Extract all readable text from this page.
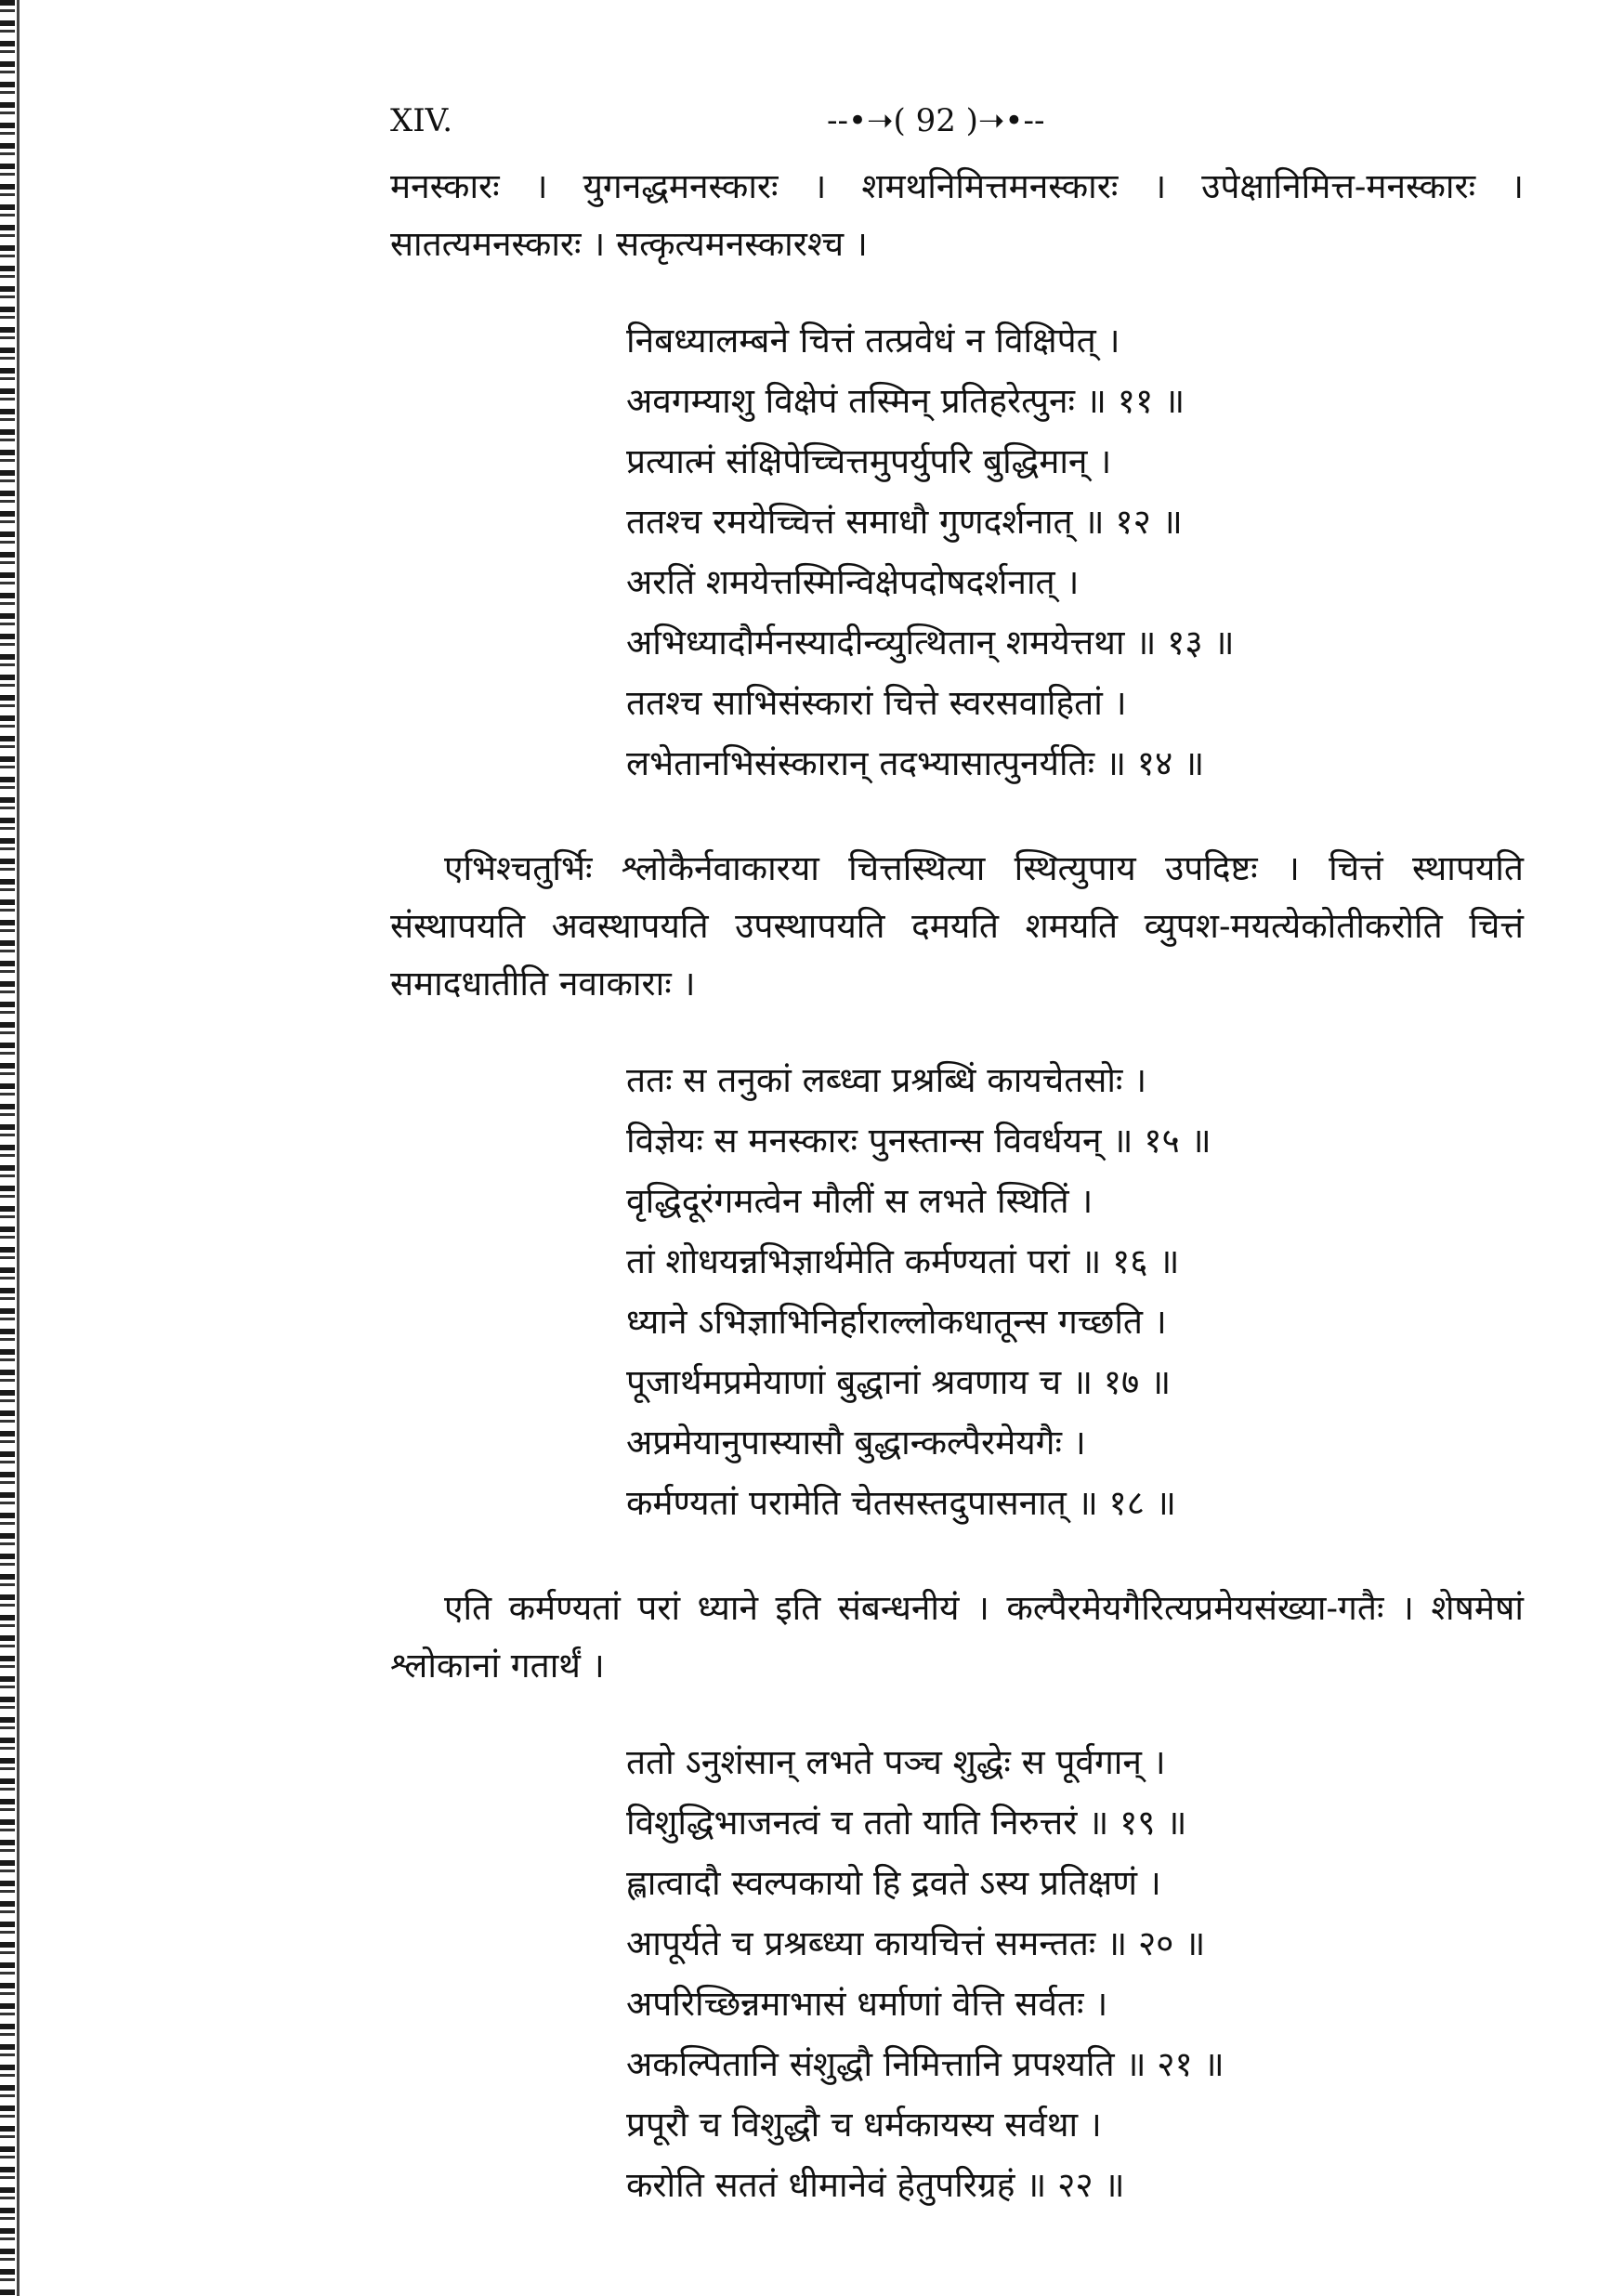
XIV.	--•➝( 92 )➝•--

मनस्कारः । युगनद्धमनस्कारः । शमथनिमित्तमनस्कारः । उपेक्षानिमित्त-मनस्कारः । सातत्यमनस्कारः । सत्कृत्यमनस्कारश्च ।

निबध्यालम्बने चित्तं तत्प्रवेधं न विक्षिपेत् ।
अवगम्याशु विक्षेपं तस्मिन् प्रतिहरेत्पुनः ॥ ११ ॥
प्रत्यात्मं संक्षिपेच्चित्तमुपर्युपरि बुद्धिमान् ।
ततश्च रमयेच्चित्तं समाधौ गुणदर्शनात् ॥ १२ ॥
अरतिं शमयेत्तस्मिन्विक्षेपदोषदर्शनात् ।
अभिध्यादौर्मनस्यादीन्व्युत्थितान् शमयेत्तथा ॥ १३ ॥
ततश्च साभिसंस्कारां चित्ते स्वरसवाहितां ।
लभेतानभिसंस्कारान् तदभ्यासात्पुनर्यतिः ॥ १४ ॥

एभिश्चतुर्भिः श्लोकैर्नवाकारया चित्तस्थित्या स्थित्युपाय उपदिष्टः । चित्तं स्थापयति संस्थापयति अवस्थापयति उपस्थापयति दमयति शमयति व्युपश-मयत्येकोतीकरोति चित्तं समादधातीति नवाकाराः ।

ततः स तनुकां लब्ध्वा प्रश्रब्धिं कायचेतसोः ।
विज्ञेयः स मनस्कारः पुनस्तान्स विवर्धयन् ॥ १५ ॥
वृद्धिदूरंगमत्वेन मौलीं स लभते स्थितिं ।
तां शोधयन्नभिज्ञार्थमेति कर्मण्यतां परां ॥ १६ ॥
ध्याने ऽभिज्ञाभिनिर्हाराल्लोकधातून्स गच्छति ।
पूजार्थमप्रमेयाणां बुद्धानां श्रवणाय च ॥ १७ ॥
अप्रमेयानुपास्यासौ बुद्धान्कल्पैरमेयगैः ।
कर्मण्यतां परामेति चेतसस्तदुपासनात् ॥ १८ ॥

एति कर्मण्यतां परां ध्याने इति संबन्धनीयं । कल्पैरमेयगैरित्यप्रमेयसंख्या-गतैः । शेषमेषां श्लोकानां गतार्थं ।

ततो ऽनुशंसान् लभते पञ्च शुद्धेः स पूर्वगान् ।
विशुद्धिभाजनत्वं च ततो याति निरुत्तरं ॥ १९ ॥
ह्लात्वादौ स्वल्पकायो हि द्रवते ऽस्य प्रतिक्षणं ।
आपूर्यते च प्रश्रब्ध्या कायचित्तं समन्ततः ॥ २० ॥
अपरिच्छिन्नमाभासं धर्माणां वेत्ति सर्वतः ।
अकल्पितानि संशुद्धौ निमित्तानि प्रपश्यति ॥ २१ ॥
प्रपूरौ च विशुद्धौ च धर्मकायस्य सर्वथा ।
करोति सततं धीमानेवं हेतुपरिग्रहं ॥ २२ ॥
